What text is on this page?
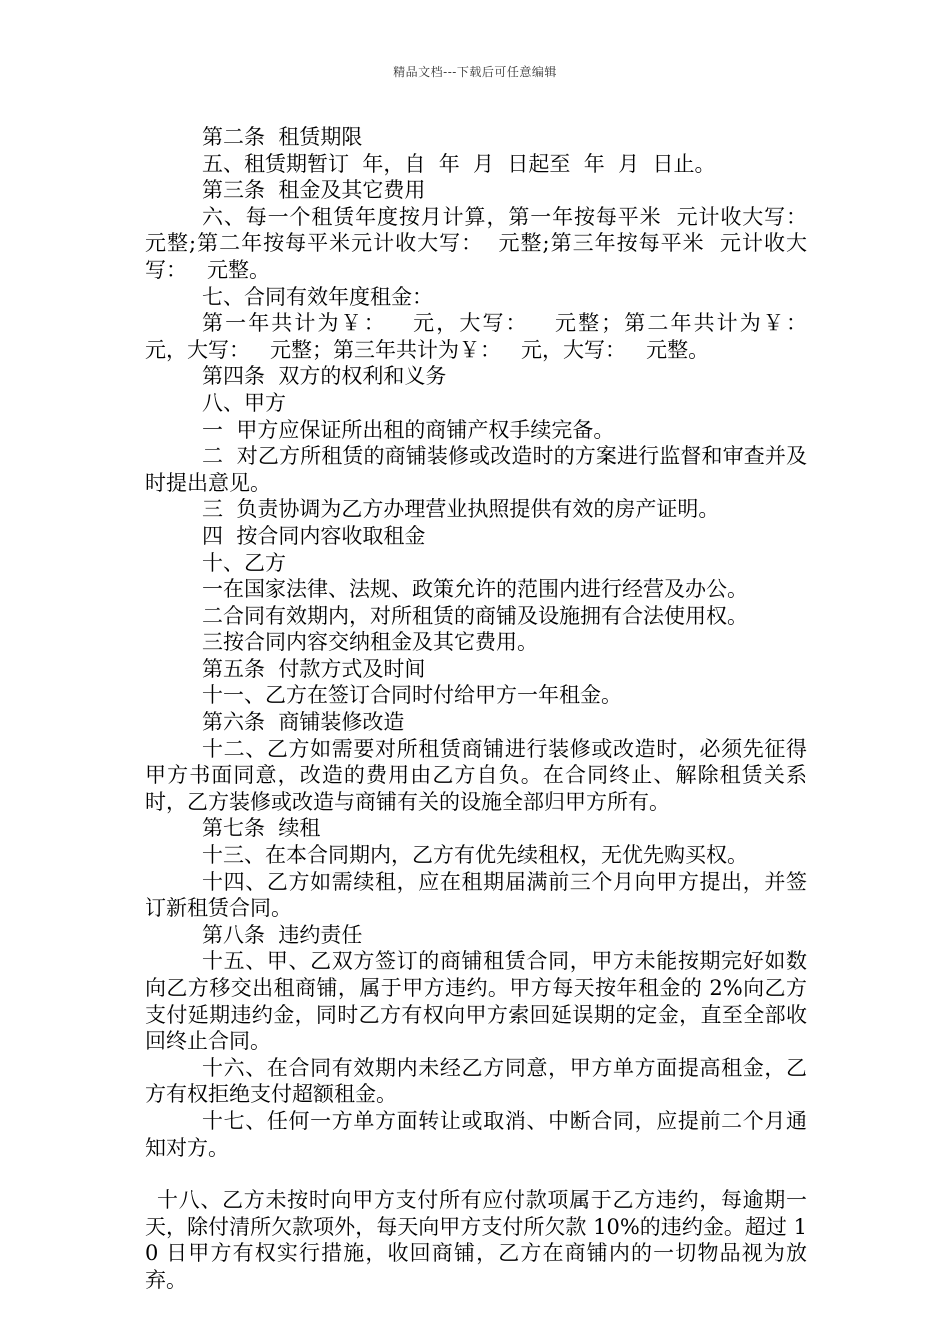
精品文档---下载后可任意编辑
第二条  租赁期限
五、租赁期暂订  年，自  年  月  日起至  年  月  日止。
第三条  租金及其它费用
六、每一个租赁年度按月计算，第一年按每平米  元计收大写：  元整;第二年按每平米元计收大写：  元整;第三年按每平米  元计收大写：   元整。
七、合同有效年度租金：
第一年共计为￥：   元，大写：   元整；第二年共计为￥：   元，大写：   元整；第三年共计为￥：   元，大写：   元整。
第四条  双方的权利和义务
八、甲方
一  甲方应保证所出租的商铺产权手续完备。
二  对乙方所租赁的商铺装修或改造时的方案进行监督和审查并及时提出意见。
三  负责协调为乙方办理营业执照提供有效的房产证明。
四  按合同内容收取租金
十、乙方
一在国家法律、法规、政策允许的范围内进行经营及办公。
二合同有效期内，对所租赁的商铺及设施拥有合法使用权。
三按合同内容交纳租金及其它费用。
第五条  付款方式及时间
十一、乙方在签订合同时付给甲方一年租金。
第六条  商铺装修改造
十二、乙方如需要对所租赁商铺进行装修或改造时，必须先征得甲方书面同意，改造的费用由乙方自负。在合同终止、解除租赁关系时，乙方装修或改造与商铺有关的设施全部归甲方所有。
第七条  续租
十三、在本合同期内，乙方有优先续租权，无优先购买权。
十四、乙方如需续租，应在租期届满前三个月向甲方提出，并签订新租赁合同。
第八条  违约责任
十五、甲、乙双方签订的商铺租赁合同，甲方未能按期完好如数向乙方移交出租商铺，属于甲方违约。甲方每天按年租金的 2%向乙方支付延期违约金，同时乙方有权向甲方索回延误期的定金，直至全部收回终止合同。
十六、在合同有效期内未经乙方同意，甲方单方面提高租金，乙方有权拒绝支付超额租金。
十七、任何一方单方面转让或取消、中断合同，应提前二个月通知对方。
十八、乙方未按时向甲方支付所有应付款项属于乙方违约，每逾期一天，除付清所欠款项外，每天向甲方支付所欠款 10%的违约金。超过 10 日甲方有权实行措施，收回商铺，乙方在商铺内的一切物品视为放弃。
